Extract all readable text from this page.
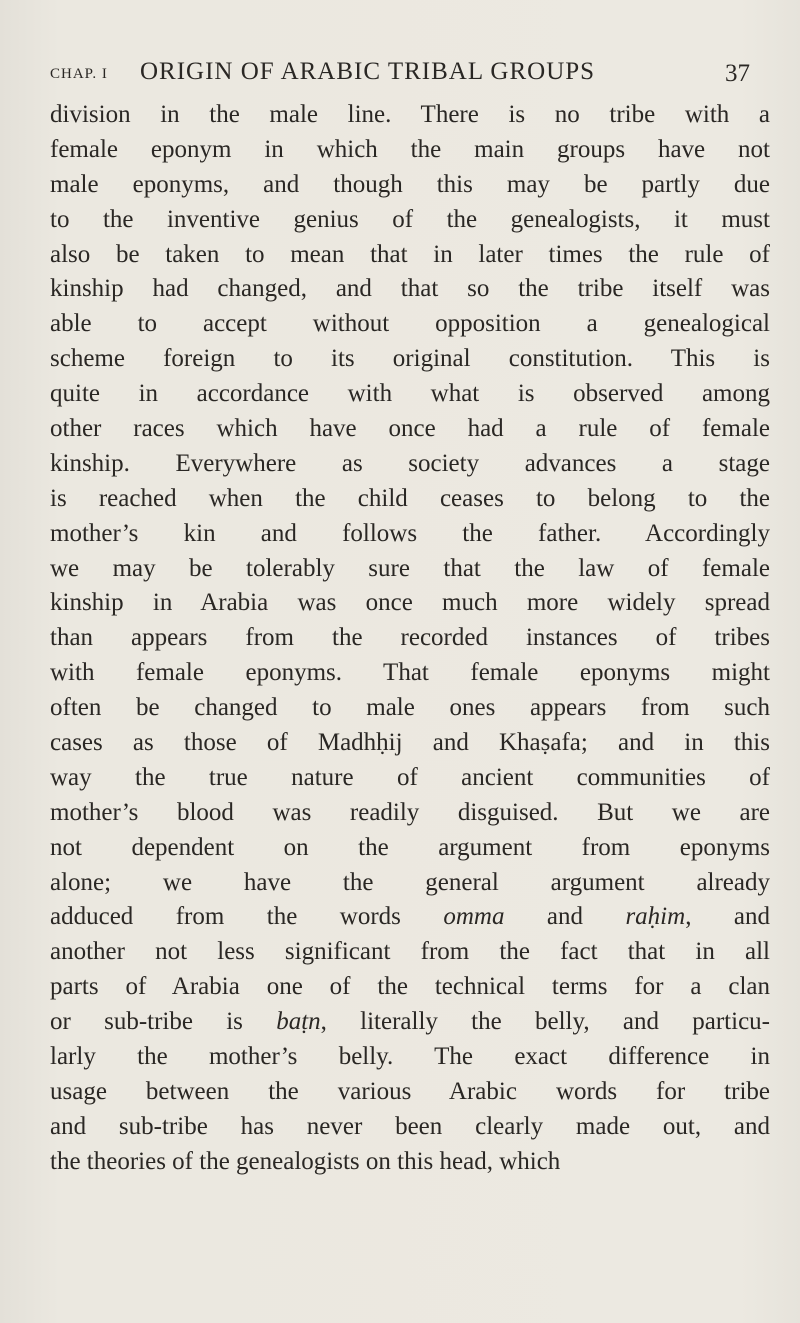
CHAP. I ORIGIN OF ARABIC TRIBAL GROUPS	37
division in the male line. There is no tribe with a
female eponym in which the main groups have not
male eponyms, and though this may be partly due
to the inventive genius of the genealogists, it must
also be taken to mean that in later times the rule of
kinship had changed, and that so the tribe itself was
able to accept without opposition a genealogical
scheme foreign to its original constitution. This is
quite in accordance with what is observed among
other races which have once had a rule of female
kinship. Everywhere as society advances a stage
is reached when the child ceases to belong to the
mother’s kin and follows the father. Accordingly
we may be tolerably sure that the law of female
kinship in Arabia was once much more widely spread
than appears from the recorded instances of tribes
with female eponyms. That female eponyms might
often be changed to male ones appears from such
cases as those of Madhḥij and Khaṣafa; and in this
way the true nature of ancient communities of
mother’s blood was readily disguised. But we are
not dependent on the argument from eponyms
alone; we have the general argument already
adduced from the words omma and raḥim, and
another not less significant from the fact that in all
parts of Arabia one of the technical terms for a clan
or sub-tribe is baṭn, literally the belly, and particu-
larly the mother’s belly. The exact difference in
usage between the various Arabic words for tribe
and sub-tribe has never been clearly made out, and
the theories of the genealogists on this head, which
